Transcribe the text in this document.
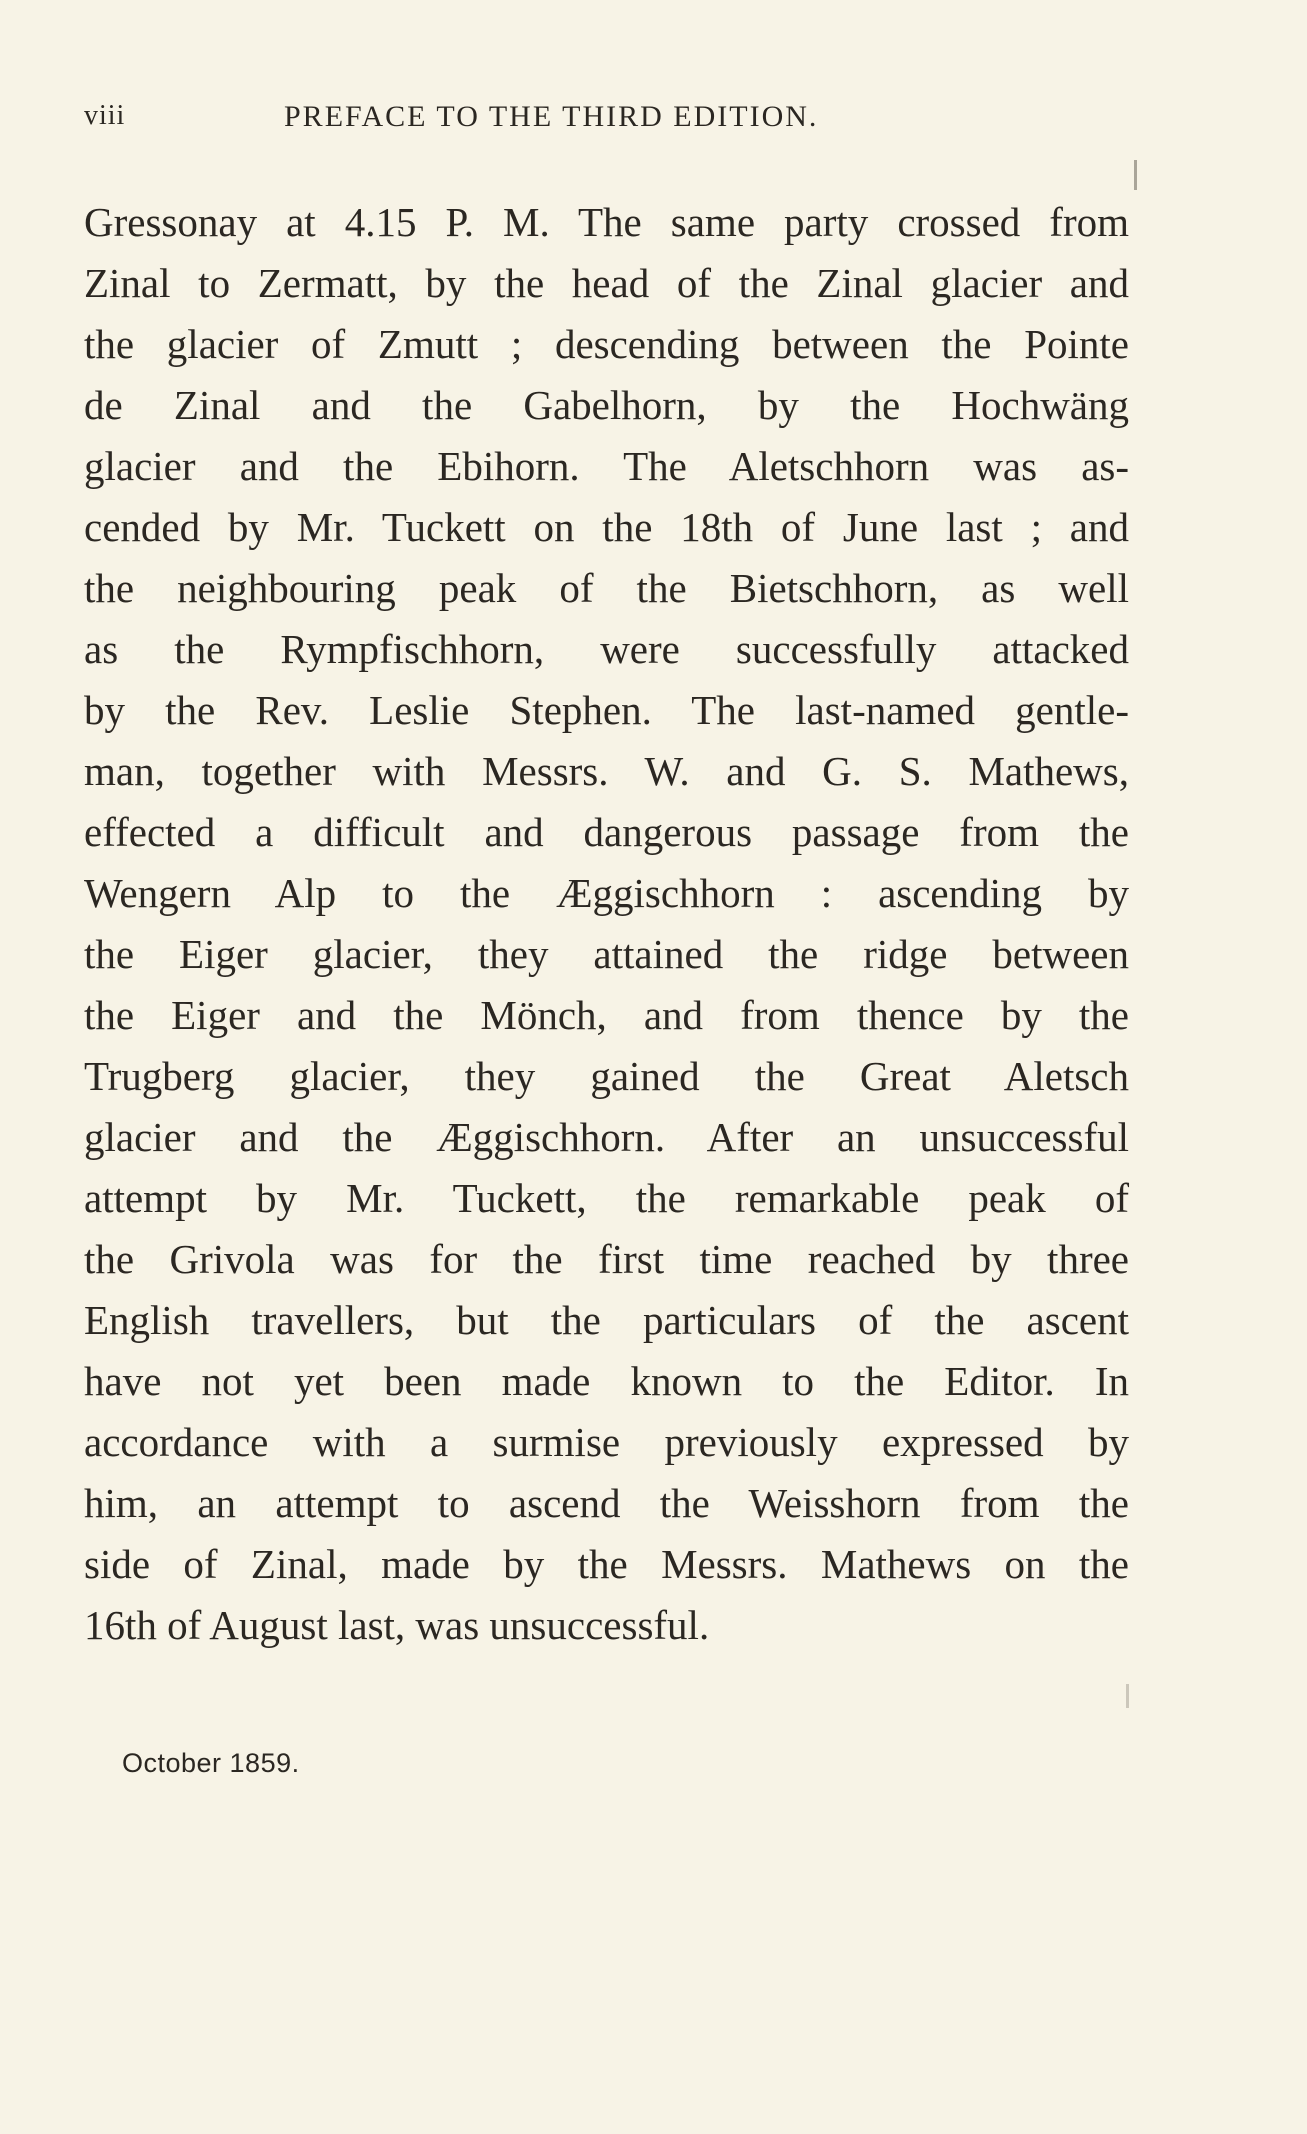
viii	PREFACE TO THE THIRD EDITION.
Gressonay at 4.15 P. M. The same party crossed from
Zinal to Zermatt, by the head of the Zinal glacier and
the glacier of Zmutt ; descending between the Pointe
de Zinal and the Gabelhorn, by the Hochwäng
glacier and the Ebihorn. The Aletschhorn was as-
cended by Mr. Tuckett on the 18th of June last ; and
the neighbouring peak of the Bietschhorn, as well
as the Rympfischhorn, were successfully attacked
by the Rev. Leslie Stephen. The last-named gentle-
man, together with Messrs. W. and G. S. Mathews,
effected a difficult and dangerous passage from the
Wengern Alp to the Æggischhorn : ascending by
the Eiger glacier, they attained the ridge between
the Eiger and the Mönch, and from thence by the
Trugberg glacier, they gained the Great Aletsch
glacier and the Æggischhorn. After an unsuccessful
attempt by Mr. Tuckett, the remarkable peak of
the Grivola was for the first time reached by three
English travellers, but the particulars of the ascent
have not yet been made known to the Editor. In
accordance with a surmise previously expressed by
him, an attempt to ascend the Weisshorn from the
side of Zinal, made by the Messrs. Mathews on the
16th of August last, was unsuccessful.
October 1859.
